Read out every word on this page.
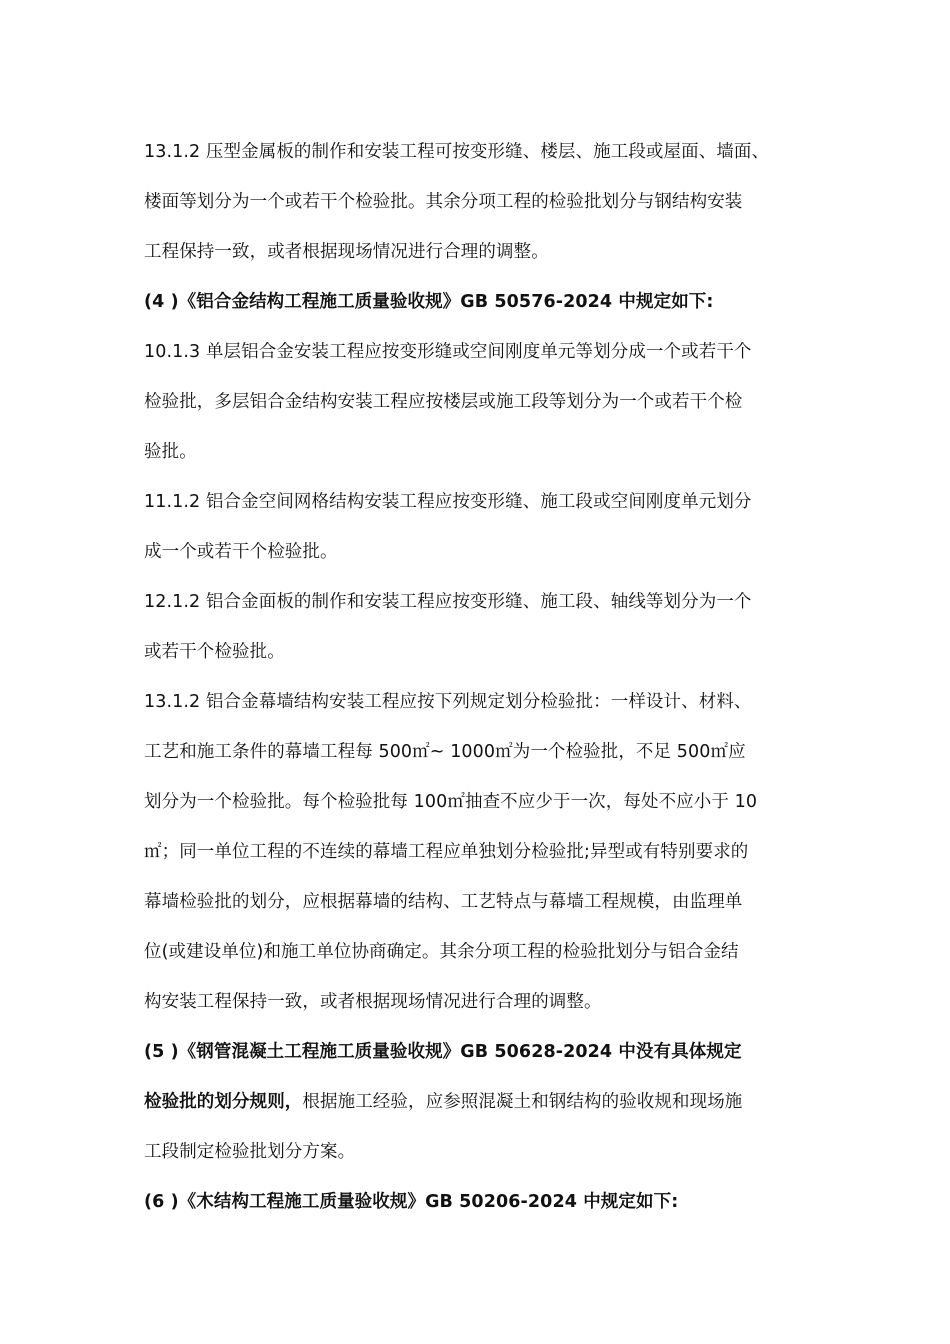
13.1.2 压型金属板的制作和安装工程可按变形缝、楼层、施工段或屋面、墙面、
楼面等划分为一个或若干个检验批。其余分项工程的检验批划分与钢结构安装
工程保持一致，或者根据现场情况进行合理的调整。
(4 )《铝合金结构工程施工质量验收规》GB 50576-2024 中规定如下:
10.1.3 单层铝合金安装工程应按变形缝或空间刚度单元等划分成一个或若干个
检验批，多层铝合金结构安装工程应按楼层或施工段等划分为一个或若干个检
验批。
11.1.2 铝合金空间网格结构安装工程应按变形缝、施工段或空间刚度单元划分
成一个或若干个检验批。
12.1.2 铝合金面板的制作和安装工程应按变形缝、施工段、轴线等划分为一个
或若干个检验批。
13.1.2 铝合金幕墙结构安装工程应按下列规定划分检验批：一样设计、材料、
工艺和施工条件的幕墙工程每 500㎡~ 1000㎡为一个检验批，不足 500㎡应
划分为一个检验批。每个检验批每 100㎡抽查不应少于一次，每处不应小于 10
㎡；同一单位工程的不连续的幕墙工程应单独划分检验批;异型或有特别要求的
幕墙检验批的划分，应根据幕墙的结构、工艺特点与幕墙工程规模，由监理单
位(或建设单位)和施工单位协商确定。其余分项工程的检验批划分与铝合金结
构安装工程保持一致，或者根据现场情况进行合理的调整。
(5 )《钢管混凝土工程施工质量验收规》GB 50628-2024 中没有具体规定
检验批的划分规则，根据施工经验，应参照混凝土和钢结构的验收规和现场施
工段制定检验批划分方案。
(6 )《木结构工程施工质量验收规》GB 50206-2024 中规定如下:
